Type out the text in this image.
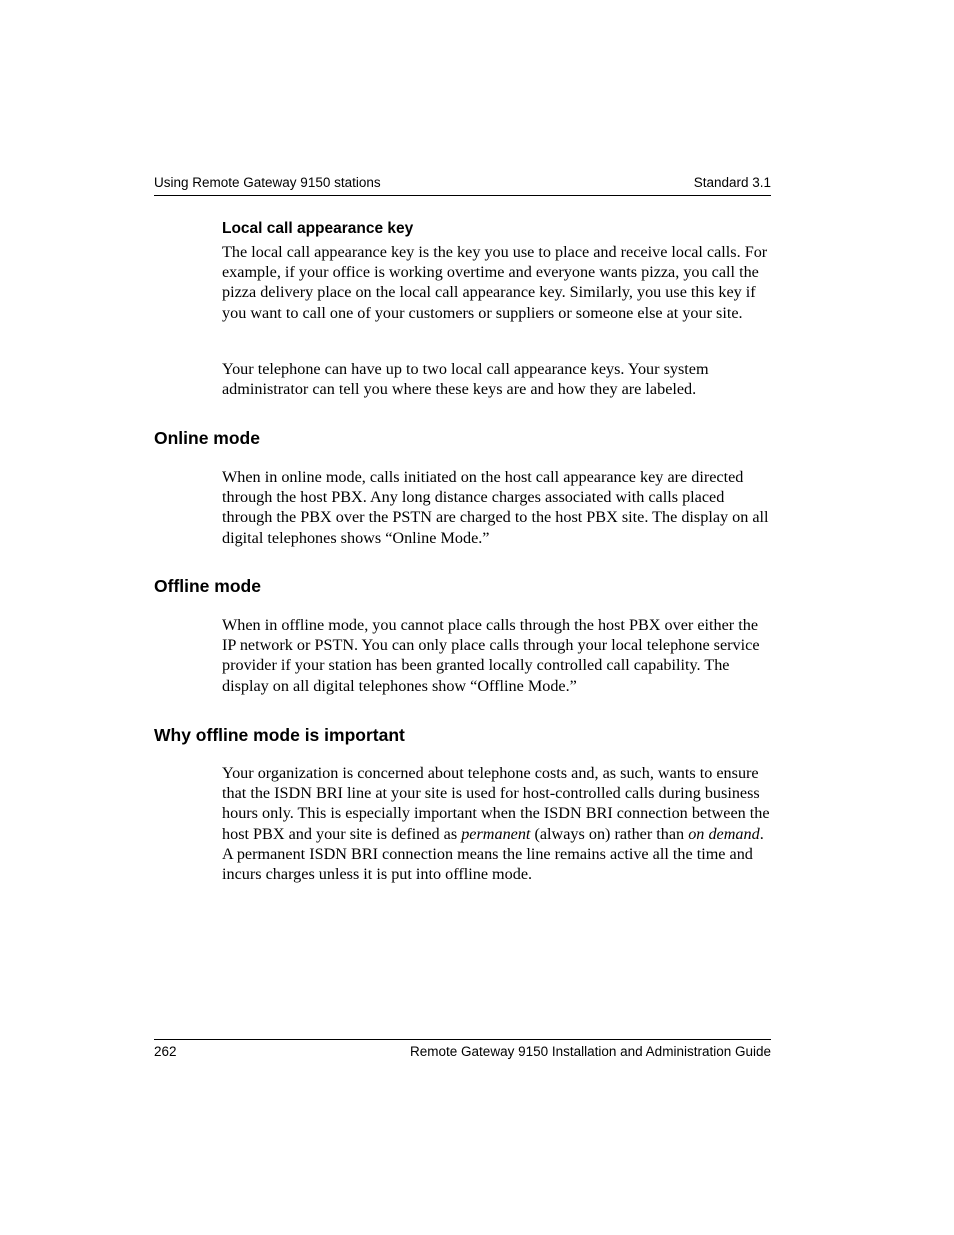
Using Remote Gateway 9150 stations	Standard 3.1
Local call appearance key

The local call appearance key is the key you use to place and receive local calls. For example, if your office is working overtime and everyone wants pizza, you call the pizza delivery place on the local call appearance key. Similarly, you use this key if you want to call one of your customers or suppliers or someone else at your site.

Your telephone can have up to two local call appearance keys. Your system administrator can tell you where these keys are and how they are labeled.

Online mode

When in online mode, calls initiated on the host call appearance key are directed through the host PBX. Any long distance charges associated with calls placed through the PBX over the PSTN are charged to the host PBX site. The display on all digital telephones shows “Online Mode.”

Offline mode

When in offline mode, you cannot place calls through the host PBX over either the IP network or PSTN. You can only place calls through your local telephone service provider if your station has been granted locally controlled call capability. The display on all digital telephones show “Offline Mode.”

Why offline mode is important

Your organization is concerned about telephone costs and, as such, wants to ensure that the ISDN BRI line at your site is used for host-controlled calls during business hours only. This is especially important when the ISDN BRI connection between the host PBX and your site is defined as permanent (always on) rather than on demand. A permanent ISDN BRI connection means the line remains active all the time and incurs charges unless it is put into offline mode.

262	Remote Gateway 9150 Installation and Administration Guide
